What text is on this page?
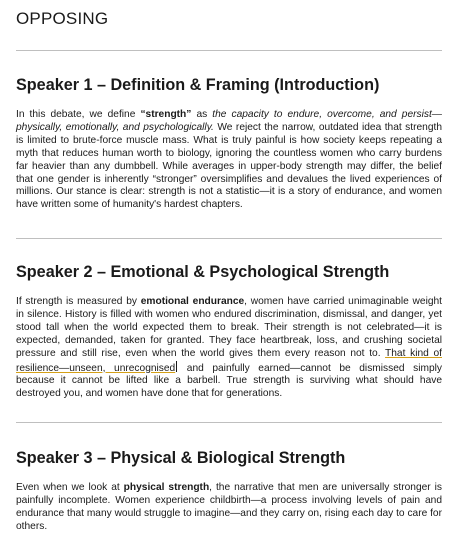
OPPOSING
Speaker 1 – Definition & Framing (Introduction)

In this debate, we define “strength” as the capacity to endure, overcome, and persist—physically, emotionally, and psychologically. We reject the narrow, outdated idea that strength is limited to brute-force muscle mass. What is truly painful is how society keeps repeating a myth that reduces human worth to biology, ignoring the countless women who carry burdens far heavier than any dumbbell. While averages in upper-body strength may differ, the belief that one gender is inherently “stronger” oversimplifies and devalues the lived experiences of millions. Our stance is clear: strength is not a statistic—it is a story of endurance, and women have written some of humanity's hardest chapters.

Speaker 2 – Emotional & Psychological Strength

If strength is measured by emotional endurance, women have carried unimaginable weight in silence. History is filled with women who endured discrimination, dismissal, and danger, yet stood tall when the world expected them to break. Their strength is not celebrated—it is expected, demanded, taken for granted. They face heartbreak, loss, and crushing societal pressure and still rise, even when the world gives them every reason not to. That kind of resilience—unseen, unrecognised and painfully earned—cannot be dismissed simply because it cannot be lifted like a barbell. True strength is surviving what should have destroyed you, and women have done that for generations.

Speaker 3 – Physical & Biological Strength

Even when we look at physical strength, the narrative that men are universally stronger is painfully incomplete. Women experience childbirth—a process involving levels of pain and endurance that many would struggle to imagine—and they carry on, rising each day to care for others.
